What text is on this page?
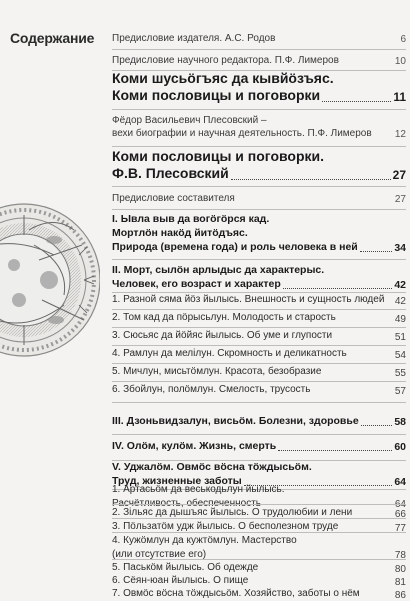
Содержание Предисловие издателя. А.С. Родов	6
Предисловие научного редактора. П.Ф. Лимеров	10
Коми шусьöгъяс да кывйöзъяс.
Коми пословицы и поговорки	11
Фёдор Васильевич Плесовский –
вехи биографии и научная деятельность. П.Ф. Лимеров 12
Коми пословицы и поговорки.
Ф.В. Плесовский	27
Предисловие составителя	27
I. Ывла выв да вогöгöрся кад.
Мортлöн накöд йитöдъяс.
Природа (времена года) и роль человека в ней	34
II. Морт, сылöн арлыдыс да характерыс.
Человек, его возраст и характер	42
1. Разной сяма йöз йылысь. Внешность и сущность людей 42
2. Том кад да пöрысьлун. Молодость и старость	49
3. Сюсьяс да йöйяс йылысь. Об уме и глупости	51
4. Рамлун да мелiлун. Скромность и деликатность	54
5. Мичлун, мисьтöмлун. Красота, безобразие	55
6. Збойлун, полöмлун. Смелость, трусость	57
III. Дзоньвидзалун, висьöм. Болезни, здоровье	58
IV. Олöм, кулöм. Жизнь, смерть	60
V. Уджалöм. Овмöс вöсна тöждысьöм.
Труд, жизненные заботы	64
1. Артасьöм да веськодьлун йылысь.
Расчётливость, обеспеченность	64
2. Зiльяс да дышъяс йылысь. О трудолюбии и лени	66
3. Пöльзатöм удж йылысь. О бесполезном труде	77
4. Кужöмлун да кужтöмлун. Мастерство
(или отсутствие его)	78
5. Паськöм йылысь. Об одежде	80
6. Сёян-юан йылысь. О пище	81
7. Овмöс вöсна тöждысьöм. Хозяйство, заботы о нём	86
